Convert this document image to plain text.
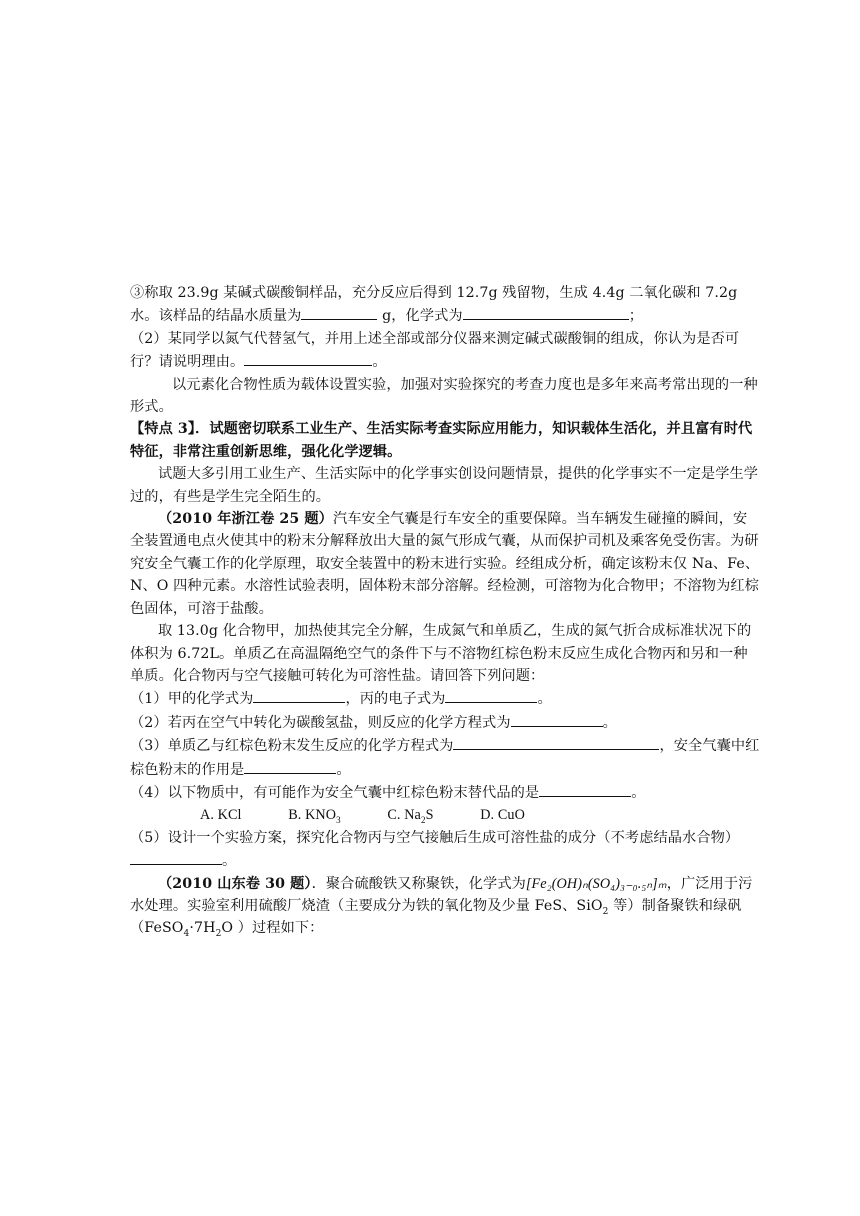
③称取 23.9g 某碱式碳酸铜样品，充分反应后得到 12.7g 残留物，生成 4.4g 二氧化碳和 7.2g 水。该样品的结晶水质量为	g，化学式为	；

（2）某同学以氮气代替氢气，并用上述全部或部分仪器来测定碱式碳酸铜的组成，你认为是否可行？请说明理由。	。

以元素化合物性质为载体设置实验，加强对实验探究的考查力度也是多年来高考常出现的一种形式。

【特点 3】．试题密切联系工业生产、生活实际考查实际应用能力，知识载体生活化，并且富有时代特征，非常注重创新思维，强化化学逻辑。

试题大多引用工业生产、生活实际中的化学事实创设问题情景，提供的化学事实不一定是学生学过的，有些是学生完全陌生的。

（2010 年浙江卷 25 题）汽车安全气囊是行车安全的重要保障。当车辆发生碰撞的瞬间，安全装置通电点火使其中的粉末分解释放出大量的氮气形成气囊，从而保护司机及乘客免受伤害。为研究安全气囊工作的化学原理，取安全装置中的粉末进行实验。经组成分析，确定该粉末仅 Na、Fe、N、O 四种元素。水溶性试验表明，固体粉末部分溶解。经检测，可溶物为化合物甲；不溶物为红棕色固体，可溶于盐酸。

取 13.0g 化合物甲，加热使其完全分解，生成氮气和单质乙，生成的氮气折合成标准状况下的体积为 6.72L。单质乙在高温隔绝空气的条件下与不溶物红棕色粉末反应生成化合物丙和另和一种单质。化合物丙与空气接触可转化为可溶性盐。请回答下列问题：

（1）甲的化学式为	，丙的电子式为	。

（2）若丙在空气中转化为碳酸氢盐，则反应的化学方程式为	。

（3）单质乙与红棕色粉末发生反应的化学方程式为	，安全气囊中红棕色粉末的作用是	。

（4）以下物质中，有可能作为安全气囊中红棕色粉末替代品的是	。

A. KCl	B. $KNO_3$	C. $Na_2S$	D. CuO

（5）设计一个实验方案，探究化合物丙与空气接触后生成可溶性盐的成分（不考虑结晶水合物）。

（2010 山东卷 30 题）．聚合硫酸铁又称聚铁，化学式为[Fe₂(OH)ₙ(SO₄)₃₋₀.₅ₙ]ₘ，广泛用于污水处理。实验室利用硫酸厂烧渣（主要成分为铁的氧化物及少量 FeS、SiO$_2$ 等）制备聚铁和绿矾（$FeSO_4\cdot 7H_2O$ ）过程如下：
